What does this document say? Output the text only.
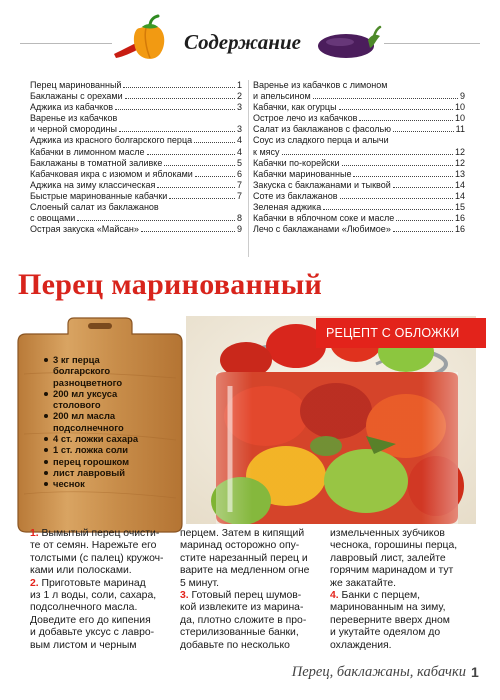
Содержание
Перец маринованный	1
Баклажаны с орехами	2
Аджика из кабачков	3
Варенье из кабачков
и черной смородины	3
Аджика из красного болгарского перца	4
Кабачки в лимонном масле	4
Баклажаны в томатной заливке	5
Кабачковая икра с изюмом и яблоками	6
Аджика на зиму классическая	7
Быстрые маринованные кабачки	7
Слоеный салат из баклажанов
с овощами	8
Острая закуска «Майсан»	9
Варенье из кабачков с лимоном
и апельсином	9
Кабачки, как огурцы	10
Острое лечо из кабачков	10
Салат из баклажанов с фасолью	11
Соус из сладкого перца и алычи
к мясу	12
Кабачки по-корейски	12
Кабачки маринованные	13
Закуска с баклажанами и тыквой	14
Соте из баклажанов	14
Зеленая аджика	15
Кабачки в яблочном соке и масле	16
Лечо с баклажанами «Любимое»	16
Перец маринованный
3 кг перца
болгарского
разноцветного
200 мл уксуса
столового
200 мл масла
подсолнечного
4 ст. ложки сахара
1 ст. ложка соли
перец горошком
лист лавровый
чеснок
РЕЦЕПТ С ОБЛОЖКИ
1. Вымытый перец очисти-
те от семян. Нарежьте его
толстыми (с палец) кружоч-
ками или полосками.
2. Приготовьте маринад
из 1 л воды, соли, сахара,
подсолнечного масла.
Доведите его до кипения
и добавьте уксус с лавро-
вым листом и черным
перцем. Затем в кипящий
маринад осторожно опу-
стите нарезанный перец и
варите на медленном огне
5 минут.
3. Готовый перец шумов-
кой извлеките из марина-
да, плотно сложите в про-
стерилизованные банки,
добавьте по несколько
измельченных зубчиков
чеснока, горошины перца,
лавровый лист, залейте
горячим маринадом и тут
же закатайте.
4. Банки с перцем,
маринованным на зиму,
переверните вверх дном
и укутайте одеялом до
охлаждения.
Перец, баклажаны, кабачки 1
